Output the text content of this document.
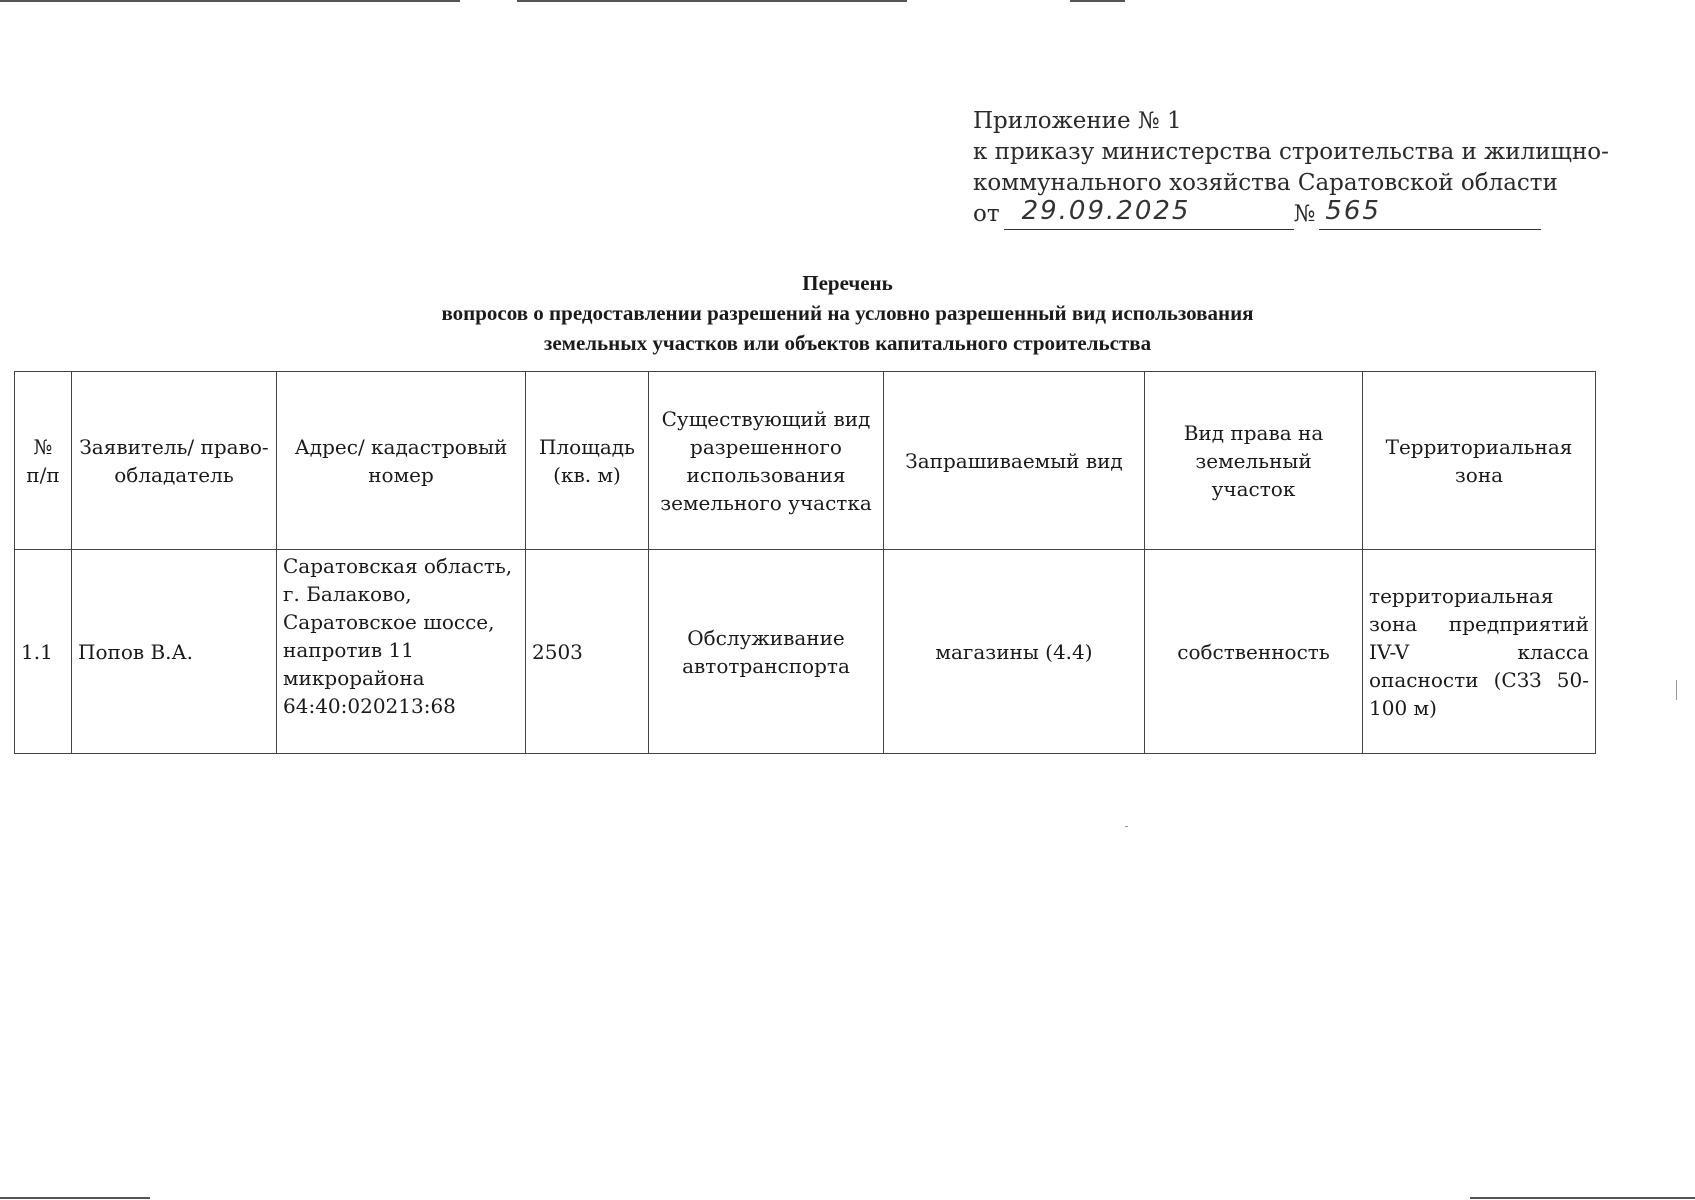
Приложение № 1
к приказу министерства строительства и жилищно-
коммунального хозяйства Саратовской области
от 29.09.2025	№ 565
Перечень
вопросов о предоставлении разрешений на условно разрешенный вид использования
земельных участков или объектов капитального строительства
№ п/п	Заявитель/ право-обладатель	Адрес/ кадастровый номер	Площадь (кв. м)	Существующий вид разрешенного использования земельного участка	Запрашиваемый вид	Вид права на земельный участок	Территориальная зона
1.1	Попов В.А.	Саратовская область, г. Балаково, Саратовское шоссе, напротив 11 микрорайона 64:40:020213:68	2503	Обслуживание автотранспорта	магазины (4.4)	собственность	территориальная зона предприятий IV-V класса опасности (СЗЗ 50-100 м)
